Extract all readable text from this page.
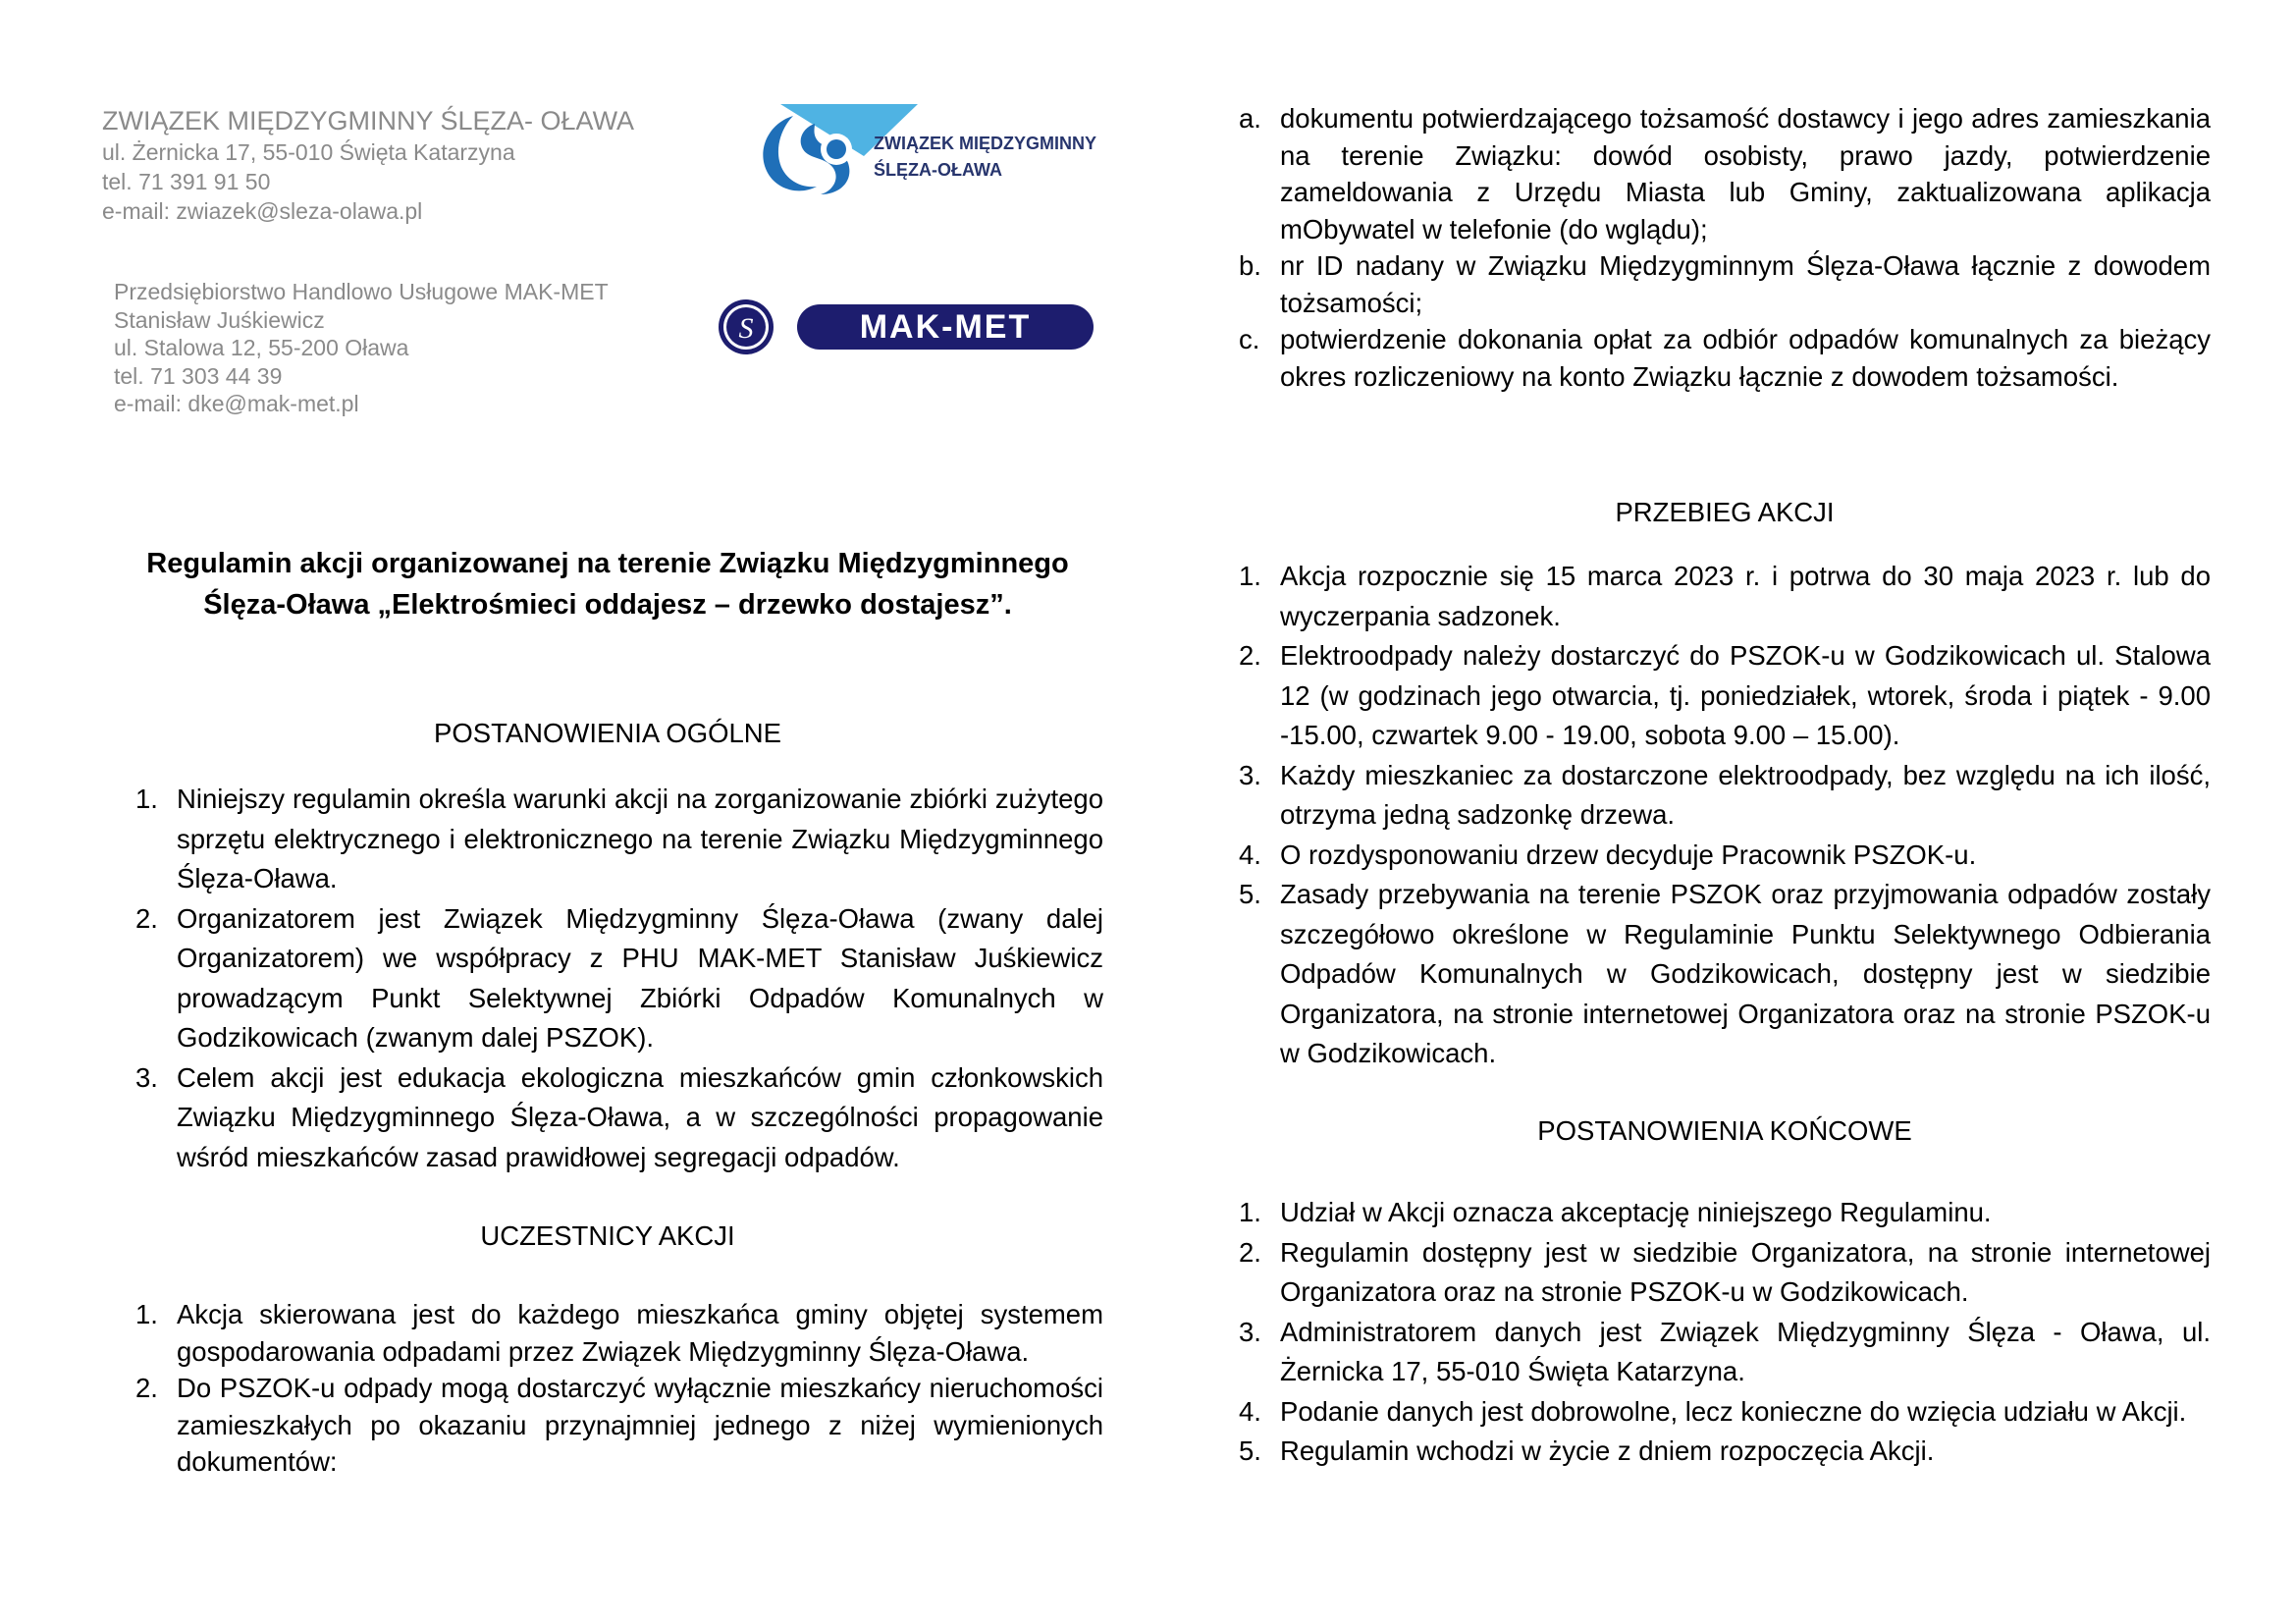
ZWIĄZEK MIĘDZYGMINNY ŚLĘZA- OŁAWA
ul. Żernicka 17, 55-010 Święta Katarzyna
tel. 71 391 91 50
e-mail: zwiazek@sleza-olawa.pl
ZWIĄZEK MIĘDZYGMINNY
ŚLĘZA-OŁAWA
Przedsiębiorstwo Handlowo Usługowe MAK-MET
Stanisław Juśkiewicz
ul. Stalowa 12, 55-200 Oława
tel. 71 303 44 39
e-mail: dke@mak-met.pl
S	MAK-MET
Regulamin akcji organizowanej na terenie Związku Międzygminnego
Ślęza-Oława „Elektrośmieci oddajesz – drzewko dostajesz”.
POSTANOWIENIA OGÓLNE
1. Niniejszy regulamin określa warunki akcji na zorganizowanie zbiórki zużytego sprzętu elektrycznego i elektronicznego na terenie Związku Międzygminnego Ślęza-Oława.
2. Organizatorem jest Związek Międzygminny Ślęza-Oława (zwany dalej Organizatorem) we współpracy z PHU MAK-MET Stanisław Juśkiewicz prowadzącym Punkt Selektywnej Zbiórki Odpadów Komunalnych w Godzikowicach (zwanym dalej PSZOK).
3. Celem akcji jest edukacja ekologiczna mieszkańców gmin członkowskich Związku Międzygminnego Ślęza-Oława, a w szczególności propagowanie wśród mieszkańców zasad prawidłowej segregacji odpadów.
UCZESTNICY AKCJI
1. Akcja skierowana jest do każdego mieszkańca gminy objętej systemem gospodarowania odpadami przez Związek Międzygminny Ślęza-Oława.
2. Do PSZOK-u odpady mogą dostarczyć wyłącznie mieszkańcy nieruchomości zamieszkałych po okazaniu przynajmniej jednego z niżej wymienionych dokumentów:
a. dokumentu potwierdzającego tożsamość dostawcy i jego adres zamieszkania na terenie Związku: dowód osobisty, prawo jazdy, potwierdzenie zameldowania z Urzędu Miasta lub Gminy, zaktualizowana aplikacja mObywatel w telefonie (do wglądu);
b. nr ID nadany w Związku Międzygminnym Ślęza-Oława łącznie z dowodem tożsamości;
c. potwierdzenie dokonania opłat za odbiór odpadów komunalnych za bieżący okres rozliczeniowy na konto Związku łącznie z dowodem tożsamości.
PRZEBIEG AKCJI
1. Akcja rozpocznie się 15 marca 2023 r. i potrwa do 30 maja 2023 r. lub do wyczerpania sadzonek.
2. Elektroodpady należy dostarczyć do PSZOK-u w Godzikowicach ul. Stalowa 12 (w godzinach jego otwarcia, tj. poniedziałek, wtorek, środa i piątek - 9.00 -15.00, czwartek 9.00 - 19.00, sobota 9.00 – 15.00).
3. Każdy mieszkaniec za dostarczone elektroodpady, bez względu na ich ilość, otrzyma jedną sadzonkę drzewa.
4. O rozdysponowaniu drzew decyduje Pracownik PSZOK-u.
5. Zasady przebywania na terenie PSZOK oraz przyjmowania odpadów zostały szczegółowo określone w Regulaminie Punktu Selektywnego Odbierania Odpadów Komunalnych w Godzikowicach, dostępny jest w siedzibie Organizatora, na stronie internetowej Organizatora oraz na stronie PSZOK-u w Godzikowicach.
POSTANOWIENIA KOŃCOWE
1. Udział w Akcji oznacza akceptację niniejszego Regulaminu.
2. Regulamin dostępny jest w siedzibie Organizatora, na stronie internetowej Organizatora oraz na stronie PSZOK-u w Godzikowicach.
3. Administratorem danych jest Związek Międzygminny Ślęza - Oława, ul. Żernicka 17, 55-010 Święta Katarzyna.
4. Podanie danych jest dobrowolne, lecz konieczne do wzięcia udziału w Akcji.
5. Regulamin wchodzi w życie z dniem rozpoczęcia Akcji.
